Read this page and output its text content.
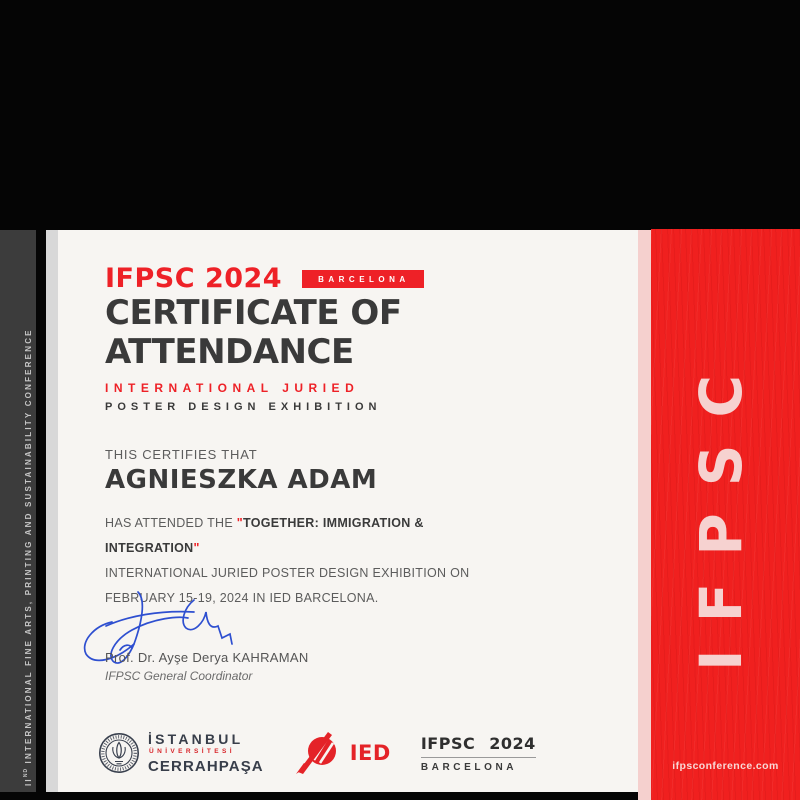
IIND INTERNATIONAL FINE ARTS, PRINTING AND SUSTAINABILITY CONFERENCE
IFPSC 2024	BARCELONA
CERTIFICATE OF
ATTENDANCE
INTERNATIONAL JURIED
POSTER DESIGN EXHIBITION
THIS CERTIFIES THAT
AGNIESZKA ADAM
HAS ATTENDED THE "TOGETHER: IMMIGRATION & INTEGRATION"
INTERNATIONAL JURIED POSTER DESIGN EXHIBITION ON
FEBRUARY 15-19, 2024 IN IED BARCELONA.
Prof. Dr. Ayşe Derya KAHRAMAN
IFPSC General Coordinator
İSTANBUL
ÜNİVERSİTESİ
CERRAHPAŞA
IED IFPSC 2024
BARCELONA
IFPSC
ifpsconference.com
